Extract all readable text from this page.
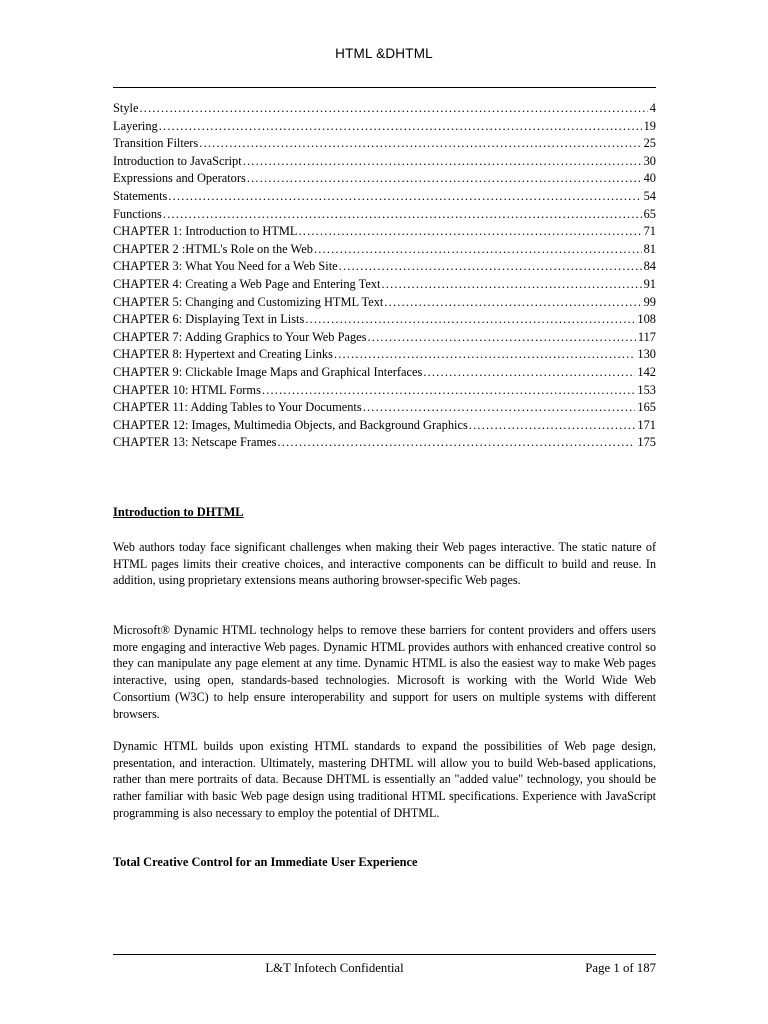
HTML &DHTML
Style .....	4
Layering .....	19
Transition Filters .....	25
Introduction to JavaScript .....	30
Expressions and Operators .....	40
Statements .....	54
Functions .....	65
CHAPTER 1: Introduction to HTML .....	71
CHAPTER 2 :HTML's Role on the Web .....	81
CHAPTER 3: What You Need for a Web Site .....	84
CHAPTER 4: Creating a Web Page and Entering Text .....	91
CHAPTER 5: Changing and Customizing HTML Text .....	99
CHAPTER 6: Displaying Text in Lists .....	108
CHAPTER 7: Adding Graphics to Your Web Pages .....	117
CHAPTER 8: Hypertext and Creating Links .....	130
CHAPTER 9: Clickable Image Maps and Graphical Interfaces .....	142
CHAPTER 10: HTML Forms .....	153
CHAPTER 11: Adding Tables to Your Documents .....	165
CHAPTER 12: Images, Multimedia Objects, and Background Graphics .....	171
CHAPTER 13: Netscape Frames .....	175
Introduction to DHTML

Web authors today face significant challenges when making their Web pages interactive. The static nature of HTML pages limits their creative choices, and interactive components can be difficult to build and reuse. In addition, using proprietary extensions means authoring browser-specific Web pages.

Microsoft® Dynamic HTML technology helps to remove these barriers for content providers and offers users more engaging and interactive Web pages. Dynamic HTML provides authors with enhanced creative control so they can manipulate any page element at any time. Dynamic HTML is also the easiest way to make Web pages interactive, using open, standards-based technologies. Microsoft is working with the World Wide Web Consortium (W3C) to help ensure interoperability and support for users on multiple systems with different browsers.

Dynamic HTML builds upon existing HTML standards to expand the possibilities of Web page design, presentation, and interaction. Ultimately, mastering DHTML will allow you to build Web-based applications, rather than mere portraits of data. Because DHTML is essentially an "added value" technology, you should be rather familiar with basic Web page design using traditional HTML specifications. Experience with JavaScript programming is also necessary to employ the potential of DHTML.

Total Creative Control for an Immediate User Experience
L&T Infotech Confidential	Page 1 of 187
